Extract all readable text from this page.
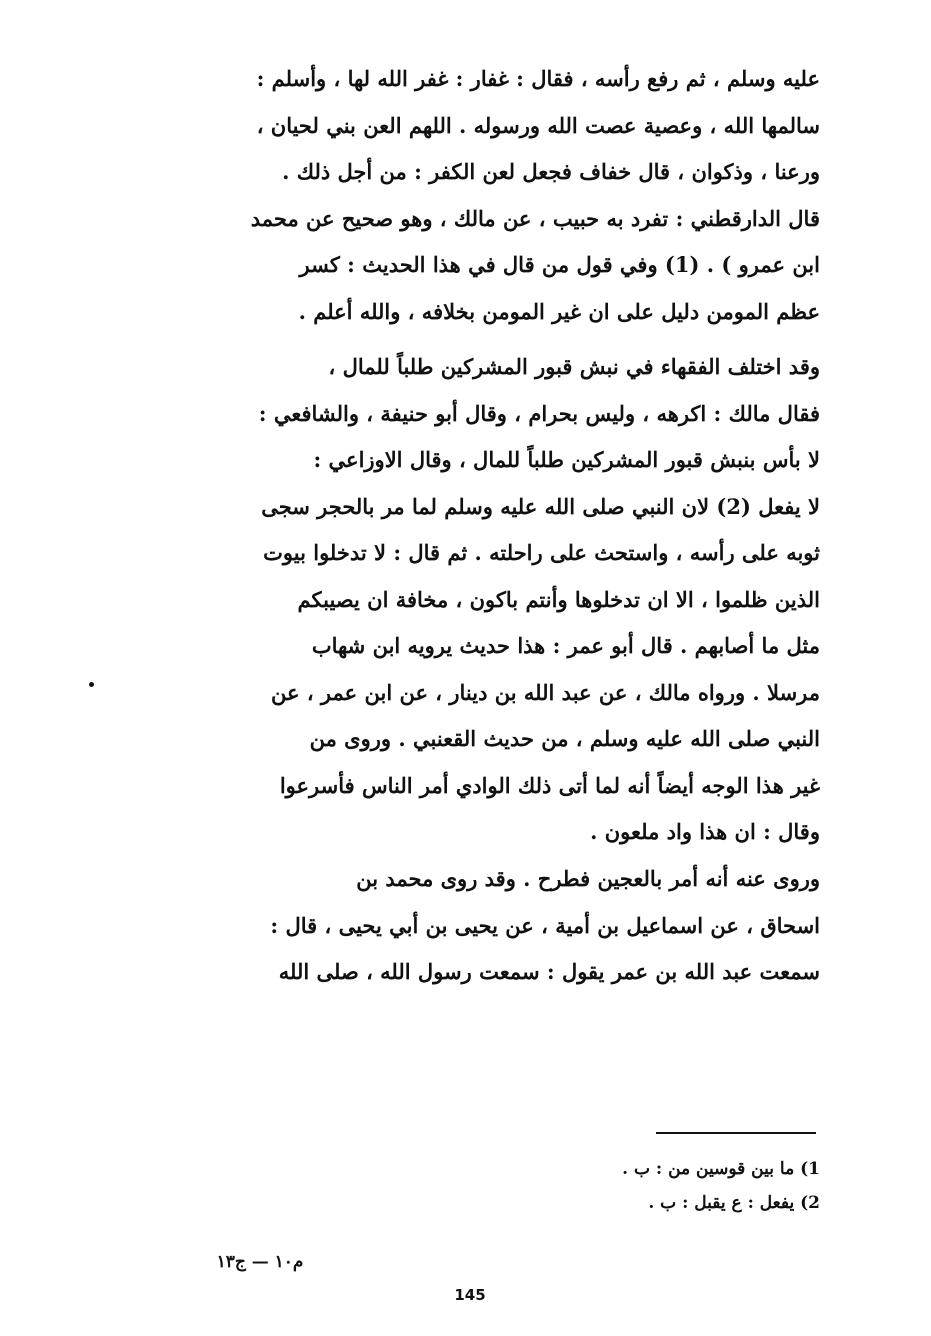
عليه وسلم ، ثم رفع رأسه ، فقال : غفار : غفر الله لها ، وأسلم :
سالمها الله ، وعصية عصت الله ورسوله . اللهم العن بني لحيان ،
ورعنا ، وذكوان ، قال خفاف فجعل لعن الكفر : من أجل ذلك .
قال الدارقطني : تفرد به حبيب ، عن مالك ، وهو صحيح عن محمد
ابن عمرو ) . (1) وفي قول من قال في هذا الحديث : كسر
عظم المومن دليل على ان غير المومن بخلافه ، والله أعلم .
وقد اختلف الفقهاء في نبش قبور المشركين طلباً للمال ،
فقال مالك : اكرهه ، وليس بحرام ، وقال أبو حنيفة ، والشافعي :
لا بأس بنبش قبور المشركين طلباً للمال ، وقال الاوزاعي :
لا يفعل (2) لان النبي صلى الله عليه وسلم لما مر بالحجر سجى
ثوبه على رأسه ، واستحث على راحلته . ثم قال : لا تدخلوا بيوت
الذين ظلموا ، الا ان تدخلوها وأنتم باكون ، مخافة ان يصيبكم
مثل ما أصابهم . قال أبو عمر : هذا حديث يرويه ابن شهاب
مرسلا . ورواه مالك ، عن عبد الله بن دينار ، عن ابن عمر ، عن
النبي صلى الله عليه وسلم ، من حديث القعنبي . وروى من
غير هذا الوجه أيضاً أنه لما أتى ذلك الوادي أمر الناس فأسرعوا
وقال : ان هذا واد ملعون .
وروى عنه أنه أمر بالعجين فطرح . وقد روى محمد بن
اسحاق ، عن اسماعيل بن أمية ، عن يحيى بن أبي يحيى ، قال :
سمعت عبد الله بن عمر يقول : سمعت رسول الله ، صلى الله
1) ما بين قوسين من : ب .
2) يفعل : ع يقبل : ب .
م١٠ — ج١٣
145
